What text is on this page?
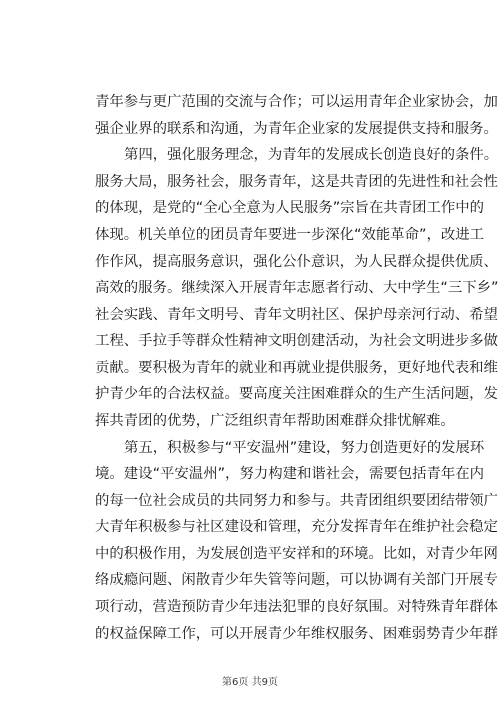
青年参与更广范围的交流与合作；可以运用青年企业家协会，加
强企业界的联系和沟通，为青年企业家的发展提供支持和服务。
第四，强化服务理念，为青年的发展成长创造良好的条件。
服务大局，服务社会，服务青年，这是共青团的先进性和社会性
的体现，是党的“全心全意为人民服务”宗旨在共青团工作中的
体现。机关单位的团员青年要进一步深化“效能革命”，改进工
作作风，提高服务意识，强化公仆意识，为人民群众提供优质、
高效的服务。继续深入开展青年志愿者行动、大中学生“三下乡”
社会实践、青年文明号、青年文明社区、保护母亲河行动、希望
工程、手拉手等群众性精神文明创建活动，为社会文明进步多做
贡献。要积极为青年的就业和再就业提供服务，更好地代表和维
护青少年的合法权益。要高度关注困难群众的生产生活问题，发
挥共青团的优势，广泛组织青年帮助困难群众排忧解难。
第五，积极参与“平安温州”建设，努力创造更好的发展环
境。建设“平安温州”，努力构建和谐社会，需要包括青年在内
的每一位社会成员的共同努力和参与。共青团组织要团结带领广
大青年积极参与社区建设和管理，充分发挥青年在维护社会稳定
中的积极作用，为发展创造平安祥和的环境。比如，对青少年网
络成瘾问题、闲散青少年失管等问题，可以协调有关部门开展专
项行动，营造预防青少年违法犯罪的良好氛围。对特殊青年群体
的权益保障工作，可以开展青少年维权服务、困难弱势青少年群
第6页 共9页
